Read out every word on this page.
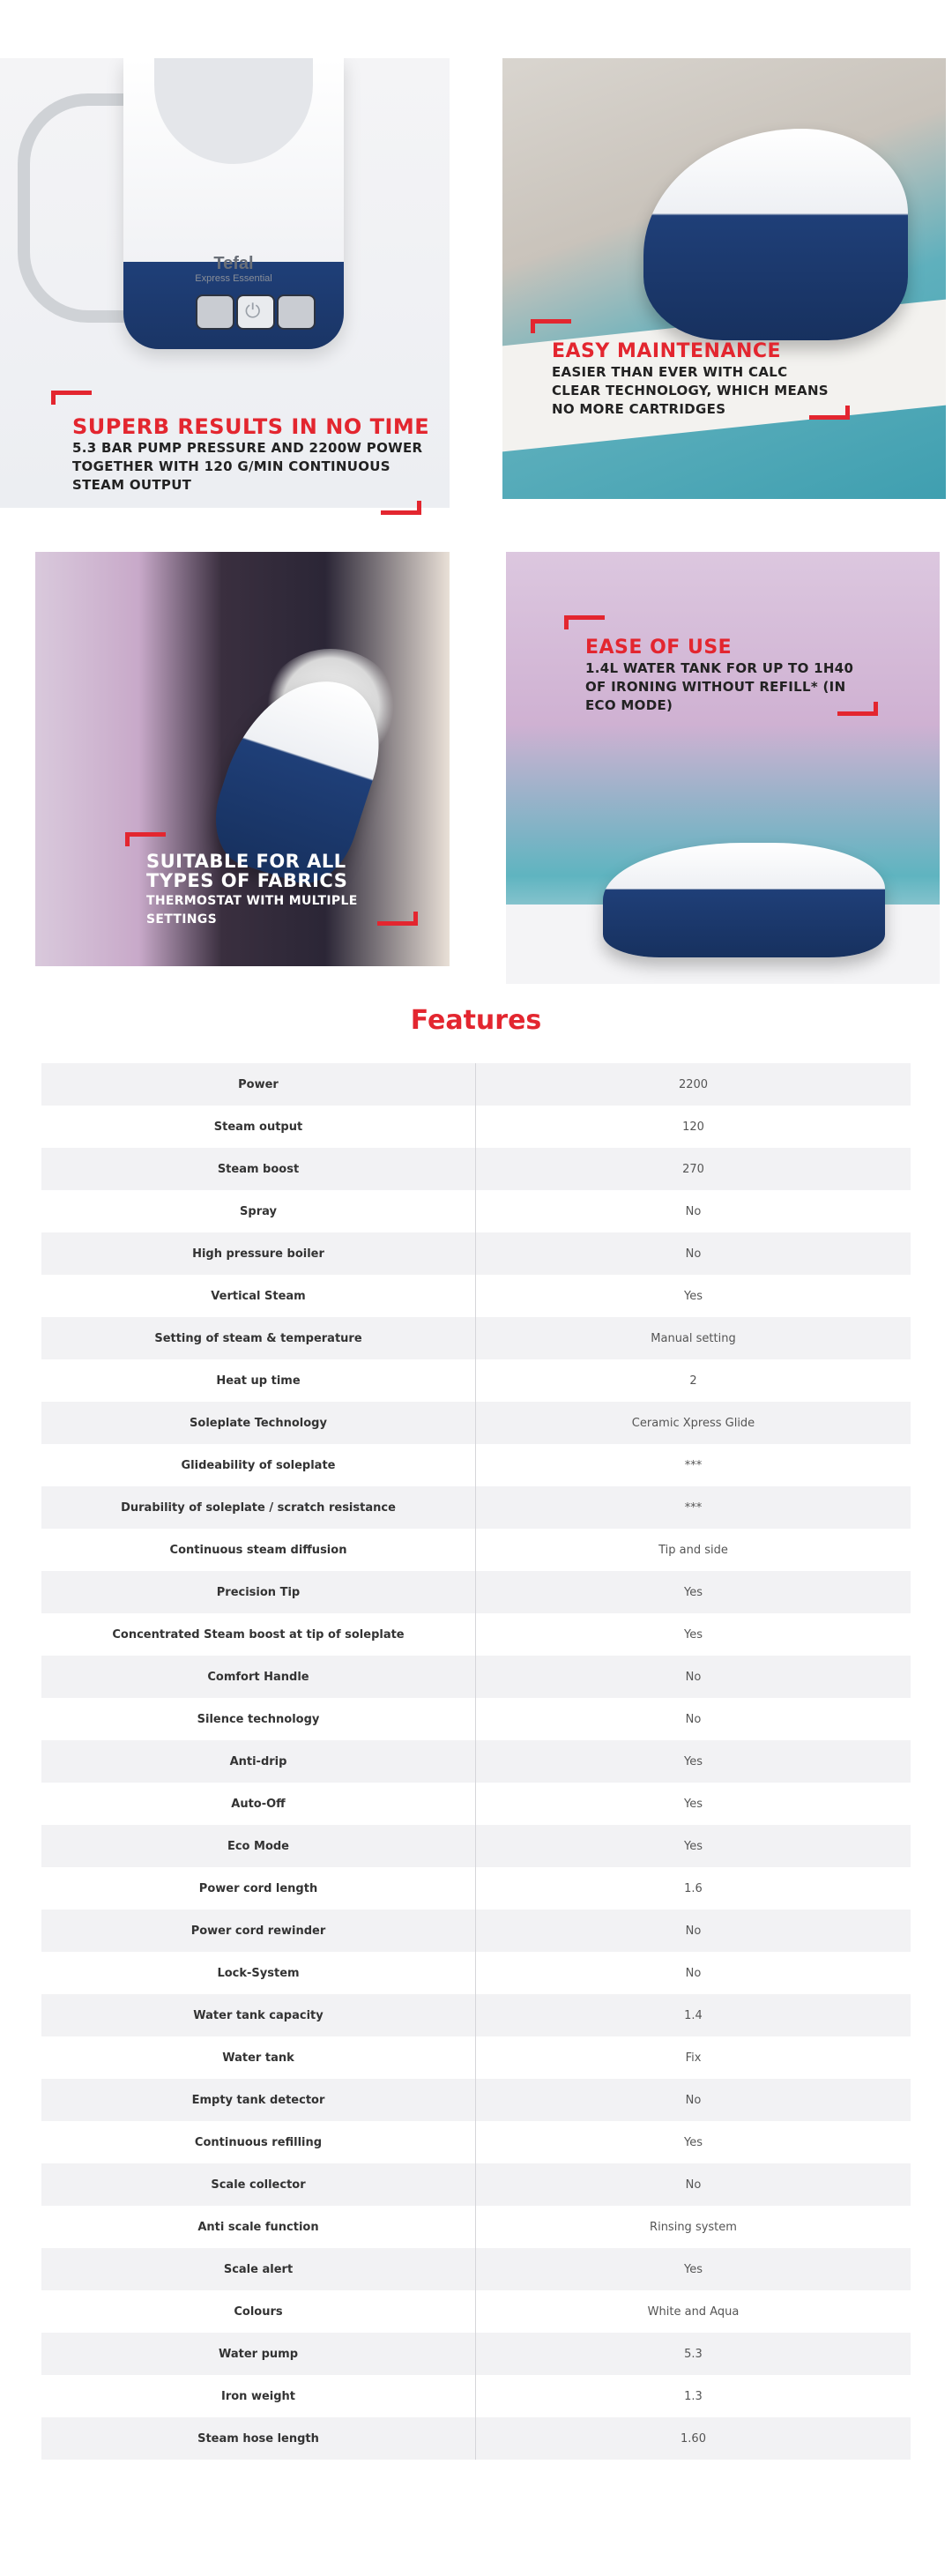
Tefal
Express Essential
⏻
SUPERB RESULTS IN NO TIME
5.3 BAR PUMP PRESSURE AND 2200W POWER TOGETHER WITH 120 G/MIN CONTINUOUS STEAM OUTPUT
EASY MAINTENANCE
EASIER THAN EVER WITH CALC CLEAR TECHNOLOGY, WHICH MEANS NO MORE CARTRIDGES
SUITABLE FOR ALL TYPES OF FABRICS
THERMOSTAT WITH MULTIPLE SETTINGS
EASE OF USE
1.4L WATER TANK FOR UP TO 1H40 OF IRONING WITHOUT REFILL* (IN ECO MODE)
Features
Power	2200
Steam output	120
Steam boost	270
Spray	No
High pressure boiler	No
Vertical Steam	Yes
Setting of steam & temperature	Manual setting
Heat up time	2
Soleplate Technology	Ceramic Xpress Glide
Glideability of soleplate	***
Durability of soleplate / scratch resistance	***
Continuous steam diffusion	Tip and side
Precision Tip	Yes
Concentrated Steam boost at tip of soleplate	Yes
Comfort Handle	No
Silence technology	No
Anti-drip	Yes
Auto-Off	Yes
Eco Mode	Yes
Power cord length	1.6
Power cord rewinder	No
Lock-System	No
Water tank capacity	1.4
Water tank	Fix
Empty tank detector	No
Continuous refilling	Yes
Scale collector	No
Anti scale function	Rinsing system
Scale alert	Yes
Colours	White and Aqua
Water pump	5.3
Iron weight	1.3
Steam hose length	1.60
